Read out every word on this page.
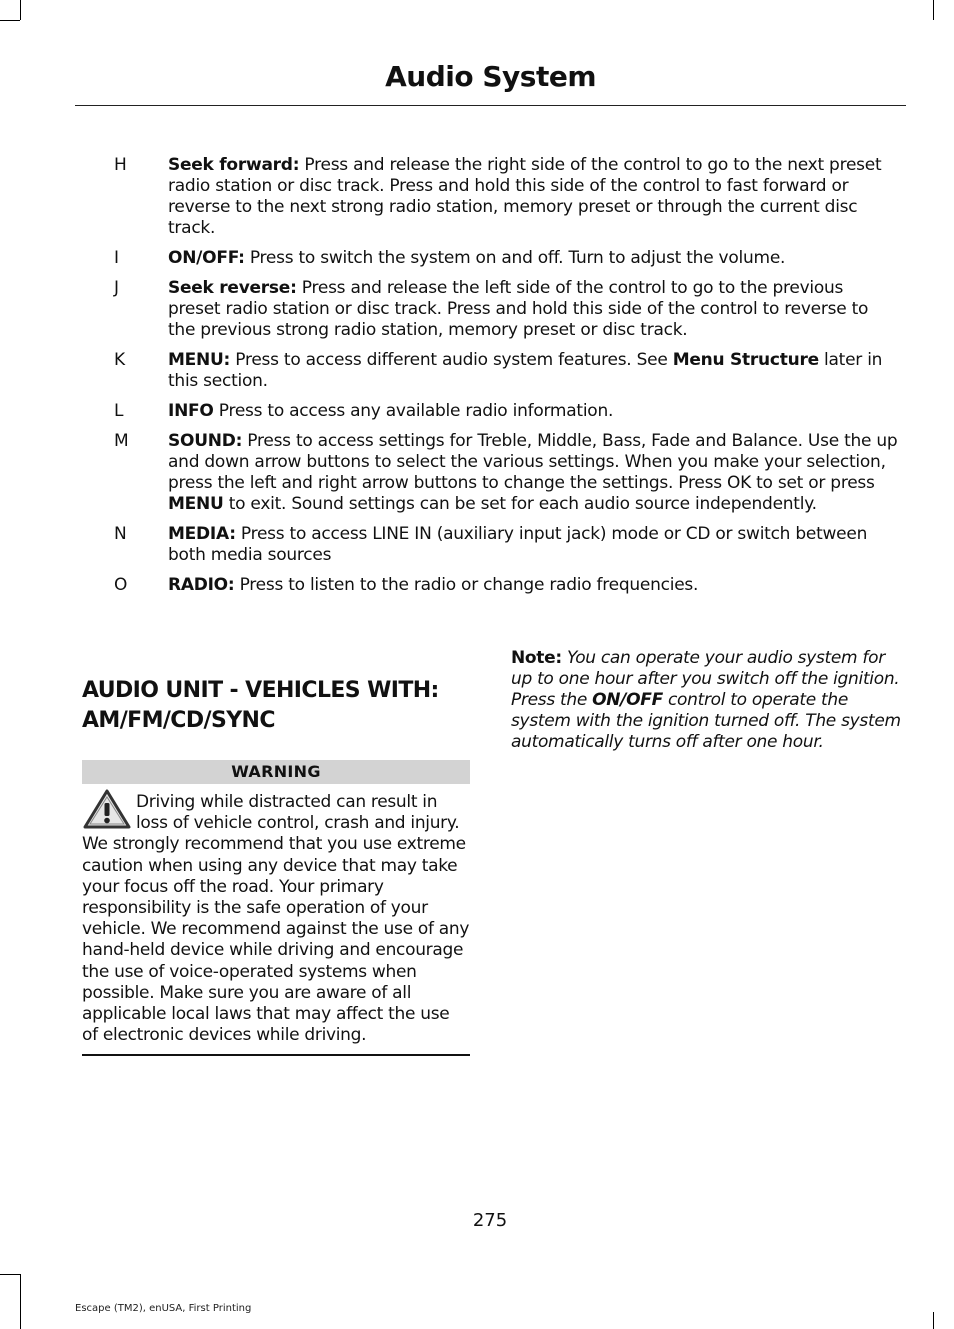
Audio System
H	Seek forward: Press and release the right side of the control to go to the next preset radio station or disc track. Press and hold this side of the control to fast forward or reverse to the next strong radio station, memory preset or through the current disc track.
I	ON/OFF: Press to switch the system on and off. Turn to adjust the volume.
J	Seek reverse: Press and release the left side of the control to go to the previous preset radio station or disc track. Press and hold this side of the control to reverse to the previous strong radio station, memory preset or disc track.
K	MENU: Press to access different audio system features. See Menu Structure later in this section.
L	INFO Press to access any available radio information.
M	SOUND: Press to access settings for Treble, Middle, Bass, Fade and Balance. Use the up and down arrow buttons to select the various settings. When you make your selection, press the left and right arrow buttons to change the settings. Press OK to set or press MENU to exit. Sound settings can be set for each audio source independently.
N	MEDIA: Press to access LINE IN (auxiliary input jack) mode or CD or switch between both media sources
O	RADIO: Press to listen to the radio or change radio frequencies.
AUDIO UNIT - VEHICLES WITH:
AM/FM/CD/SYNC
WARNING
Driving while distracted can result in loss of vehicle control, crash and injury. We strongly recommend that you use extreme caution when using any device that may take your focus off the road. Your primary responsibility is the safe operation of your vehicle. We recommend against the use of any hand-held device while driving and encourage the use of voice-operated systems when possible. Make sure you are aware of all applicable local laws that may affect the use of electronic devices while driving.

Note: You can operate your audio system for up to one hour after you switch off the ignition. Press the ON/OFF control to operate the system with the ignition turned off. The system automatically turns off after one hour.

275
Escape (TM2), enUSA, First Printing
